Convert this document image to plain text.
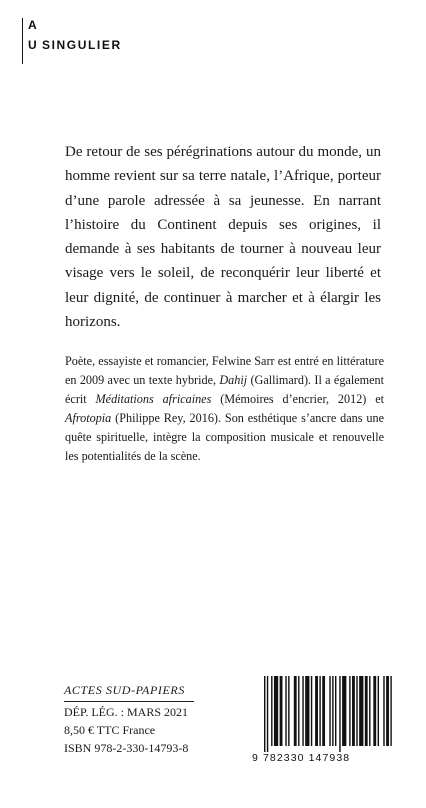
A
U SINGULIER

De retour de ses pérégrinations autour du monde, un homme revient sur sa terre natale, l’Afrique, porteur d’une parole adressée à sa jeunesse. En narrant l’histoire du Continent depuis ses origines, il demande à ses habitants de tourner à nouveau leur visage vers le soleil, de reconquérir leur liberté et leur dignité, de continuer à marcher et à élargir les horizons.

Poète, essayiste et romancier, Felwine Sarr est entré en littérature en 2009 avec un texte hybride, Dahij (Gallimard). Il a également écrit Méditations africaines (Mémoires d’encrier, 2012) et Afrotopia (Philippe Rey, 2016). Son esthétique s’ancre dans une quête spirituelle, intègre la composition musicale et renouvelle les potentialités de la scène.

ACTES SUD-PAPIERS
DÉP. LÉG. : MARS 2021
8,50 € TTC France
ISBN 978-2-330-14793-8
9 782330 147938
